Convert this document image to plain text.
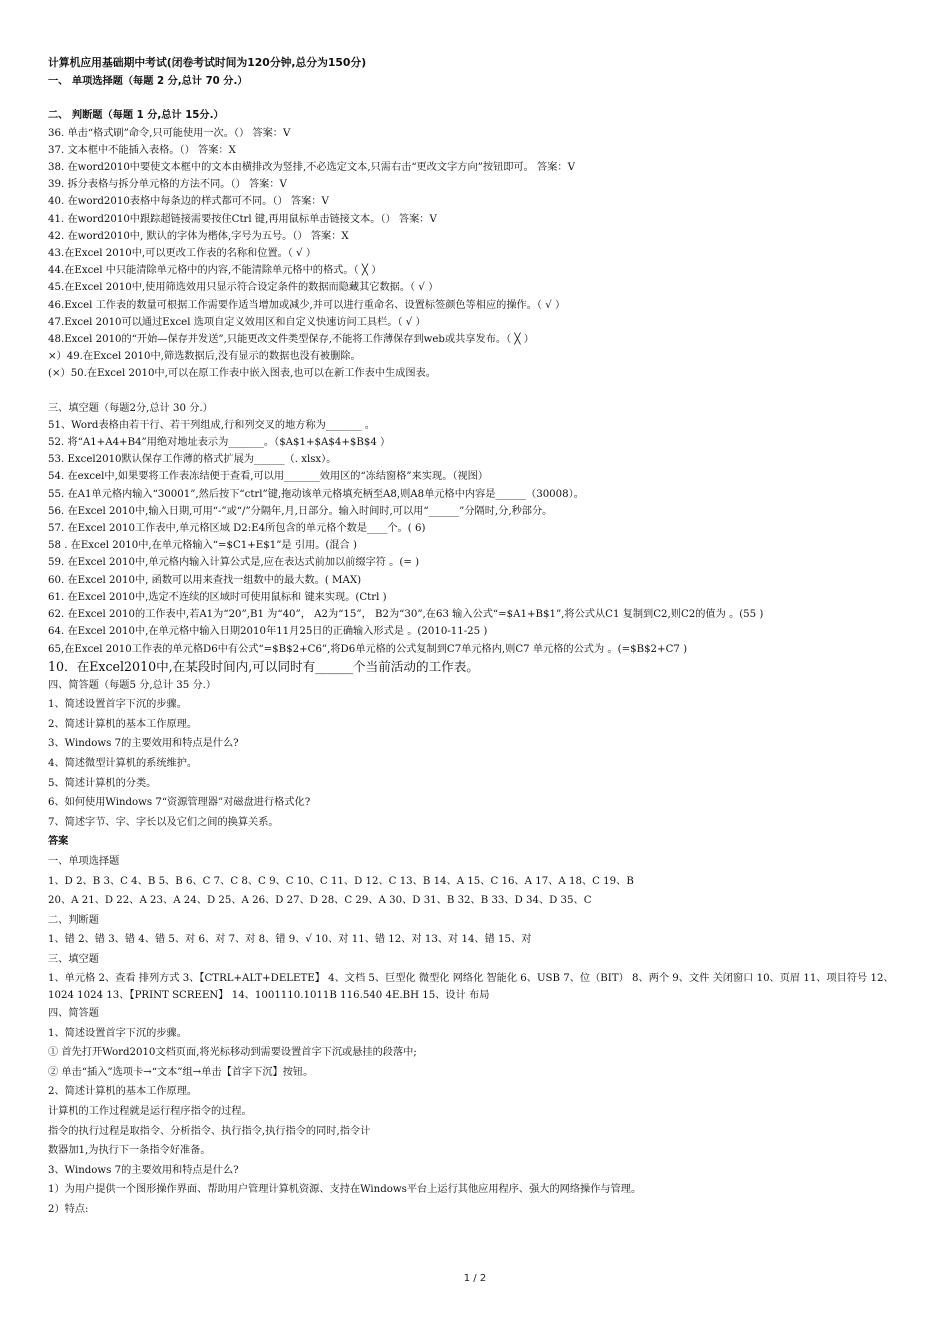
计算机应用基础期中考试(闭卷考试时间为120分钟,总分为150分)
一、 单项选择题（每题 2 分,总计 70 分.）
二、 判断题（每题 1 分,总计 15分.）
36. 单击“格式刷”命令,只可能使用一次。（） 答案：V
37. 文本框中不能插入表格。（） 答案：X
38. 在word2010中要使文本框中的文本由横排改为竖排,不必选定文本,只需右击“更改文字方向”按钮即可。 答案：V
39. 拆分表格与拆分单元格的方法不同。（） 答案：V
40. 在word2010表格中每条边的样式都可不同。（） 答案：V
41. 在word2010中跟踪超链接需要按住Ctrl 键,再用鼠标单击链接文本。（） 答案：V
42. 在word2010中, 默认的字体为楷体,字号为五号。（） 答案：X
43.在Excel 2010中,可以更改工作表的名称和位置。（ √ ）
44.在Excel 中只能清除单元格中的内容,不能清除单元格中的格式。（ ╳ ）
45.在Excel 2010中,使用筛选效用只显示符合设定条件的数据而隐藏其它数据。（ √ ）
46.Excel 工作表的数量可根据工作需要作适当增加或减少,并可以进行重命名、设置标签颜色等相应的操作。（ √ ）
47.Excel 2010可以通过Excel 选项自定义效用区和自定义快速访问工具栏。（ √ ）
48.Excel 2010的“开始—保存并发送”,只能更改文件类型保存,不能将工作薄保存到web或共享发布。（ ╳ ）
×）49.在Excel 2010中,筛选数据后,没有显示的数据也没有被删除。
(×）50.在Excel 2010中,可以在原工作表中嵌入图表,也可以在新工作表中生成图表。
三、填空题（每题2分,总计 30 分.）
51、Word表格由若干行、若干列组成,行和列交叉的地方称为_______ 。
52. 将“A1+A4+B4”用绝对地址表示为_______。（$A$1+$A$4+$B$4 ）
53. Excel2010默认保存工作薄的格式扩展为______（. xlsx）。
54. 在excel中,如果要将工作表冻结便于查看,可以用_______效用区的“冻结窗格”来实现。（视图）
55. 在A1单元格内输入“30001”,然后按下“ctrl”键,拖动该单元格填充柄至A8,则A8单元格中内容是______（30008）。
56. 在Excel 2010中,输入日期,可用“-”或“/”分隔年,月,日部分。输入时间时,可以用“______”分隔时,分,秒部分。
57. 在Excel 2010工作表中,单元格区域 D2:E4所包含的单元格个数是____个。( 6)
58 . 在Excel 2010中,在单元格输入“=$C1+E$1”是 引用。(混合 )
59. 在Excel 2010中,单元格内输入计算公式是,应在表达式前加以前缀字符 。(= )
60. 在Excel 2010中, 函数可以用来查找一组数中的最大数。( MAX)
61. 在Excel 2010中,选定不连续的区域时可使用鼠标和 键来实现。(Ctrl )
62. 在Excel 2010的工作表中,若A1为“20”,B1 为“40”， A2为“15”， B2为“30”,在63 输入公式“=$A1+B$1”,将公式从C1 复制到C2,则C2的值为 。(55 )
64. 在Excel 2010中,在单元格中输入日期2010年11月25日的正确输入形式是 。(2010-11-25 )
65,在Excel 2010工作表的单元格D6中有公式“=$B$2+C6”,将D6单元格的公式复制到C7单元格内,则C7 单元格的公式为 。(=$B$2+C7 )
10．在Excel2010中,在某段时间内,可以同时有______个当前活动的工作表。
四、简答题（每题5 分,总计 35 分.）
1、简述设置首字下沉的步骤。
2、简述计算机的基本工作原理。
3、Windows 7的主要效用和特点是什么?
4、简述微型计算机的系统维护。
5、简述计算机的分类。
6、如何使用Windows 7“资源管理器”对磁盘进行格式化?
7、简述字节、字、字长以及它们之间的换算关系。
答案
一、单项选择题
1、D 2、B 3、C 4、B 5、B 6、C 7、C 8、C 9、C 10、C 11、D 12、C 13、B 14、A 15、C 16、A 17、A 18、C 19、B
20、A 21、D 22、A 23、A 24、D 25、A 26、D 27、D 28、C 29、A 30、D 31、B 32、B 33、D 34、D 35、C
二、判断题
1、错 2、错 3、错 4、错 5、对 6、对 7、对 8、错 9、√ 10、对 11、错 12、对 13、对 14、错 15、对
三、填空题
1、单元格 2、查看 排列方式 3、【CTRL+ALT+DELETE】 4、文档 5、巨型化 微型化 网络化 智能化 6、USB 7、位（BIT） 8、两个 9、文件 关闭窗口 10、页眉 11、项目符号 12、1024 1024 13、【PRINT SCREEN】 14、1001110.1011B 116.540 4E.BH 15、设计 布局
四、简答题
1、简述设置首字下沉的步骤。
① 首先打开Word2010文档页面,将光标移动到需要设置首字下沉或悬挂的段落中;
② 单击“插入”选项卡→“文本”组→单击【首字下沉】按钮。
2、简述计算机的基本工作原理。
计算机的工作过程就是运行程序指令的过程。
指令的执行过程是取指令、分析指令、执行指令,执行指令的同时,指令计
数器加1,为执行下一条指令好准备。
3、Windows 7的主要效用和特点是什么?
1）为用户提供一个图形操作界面、帮助用户管理计算机资源、支持在Windows平台上运行其他应用程序、强大的网络操作与管理。
2）特点:
1 / 2
